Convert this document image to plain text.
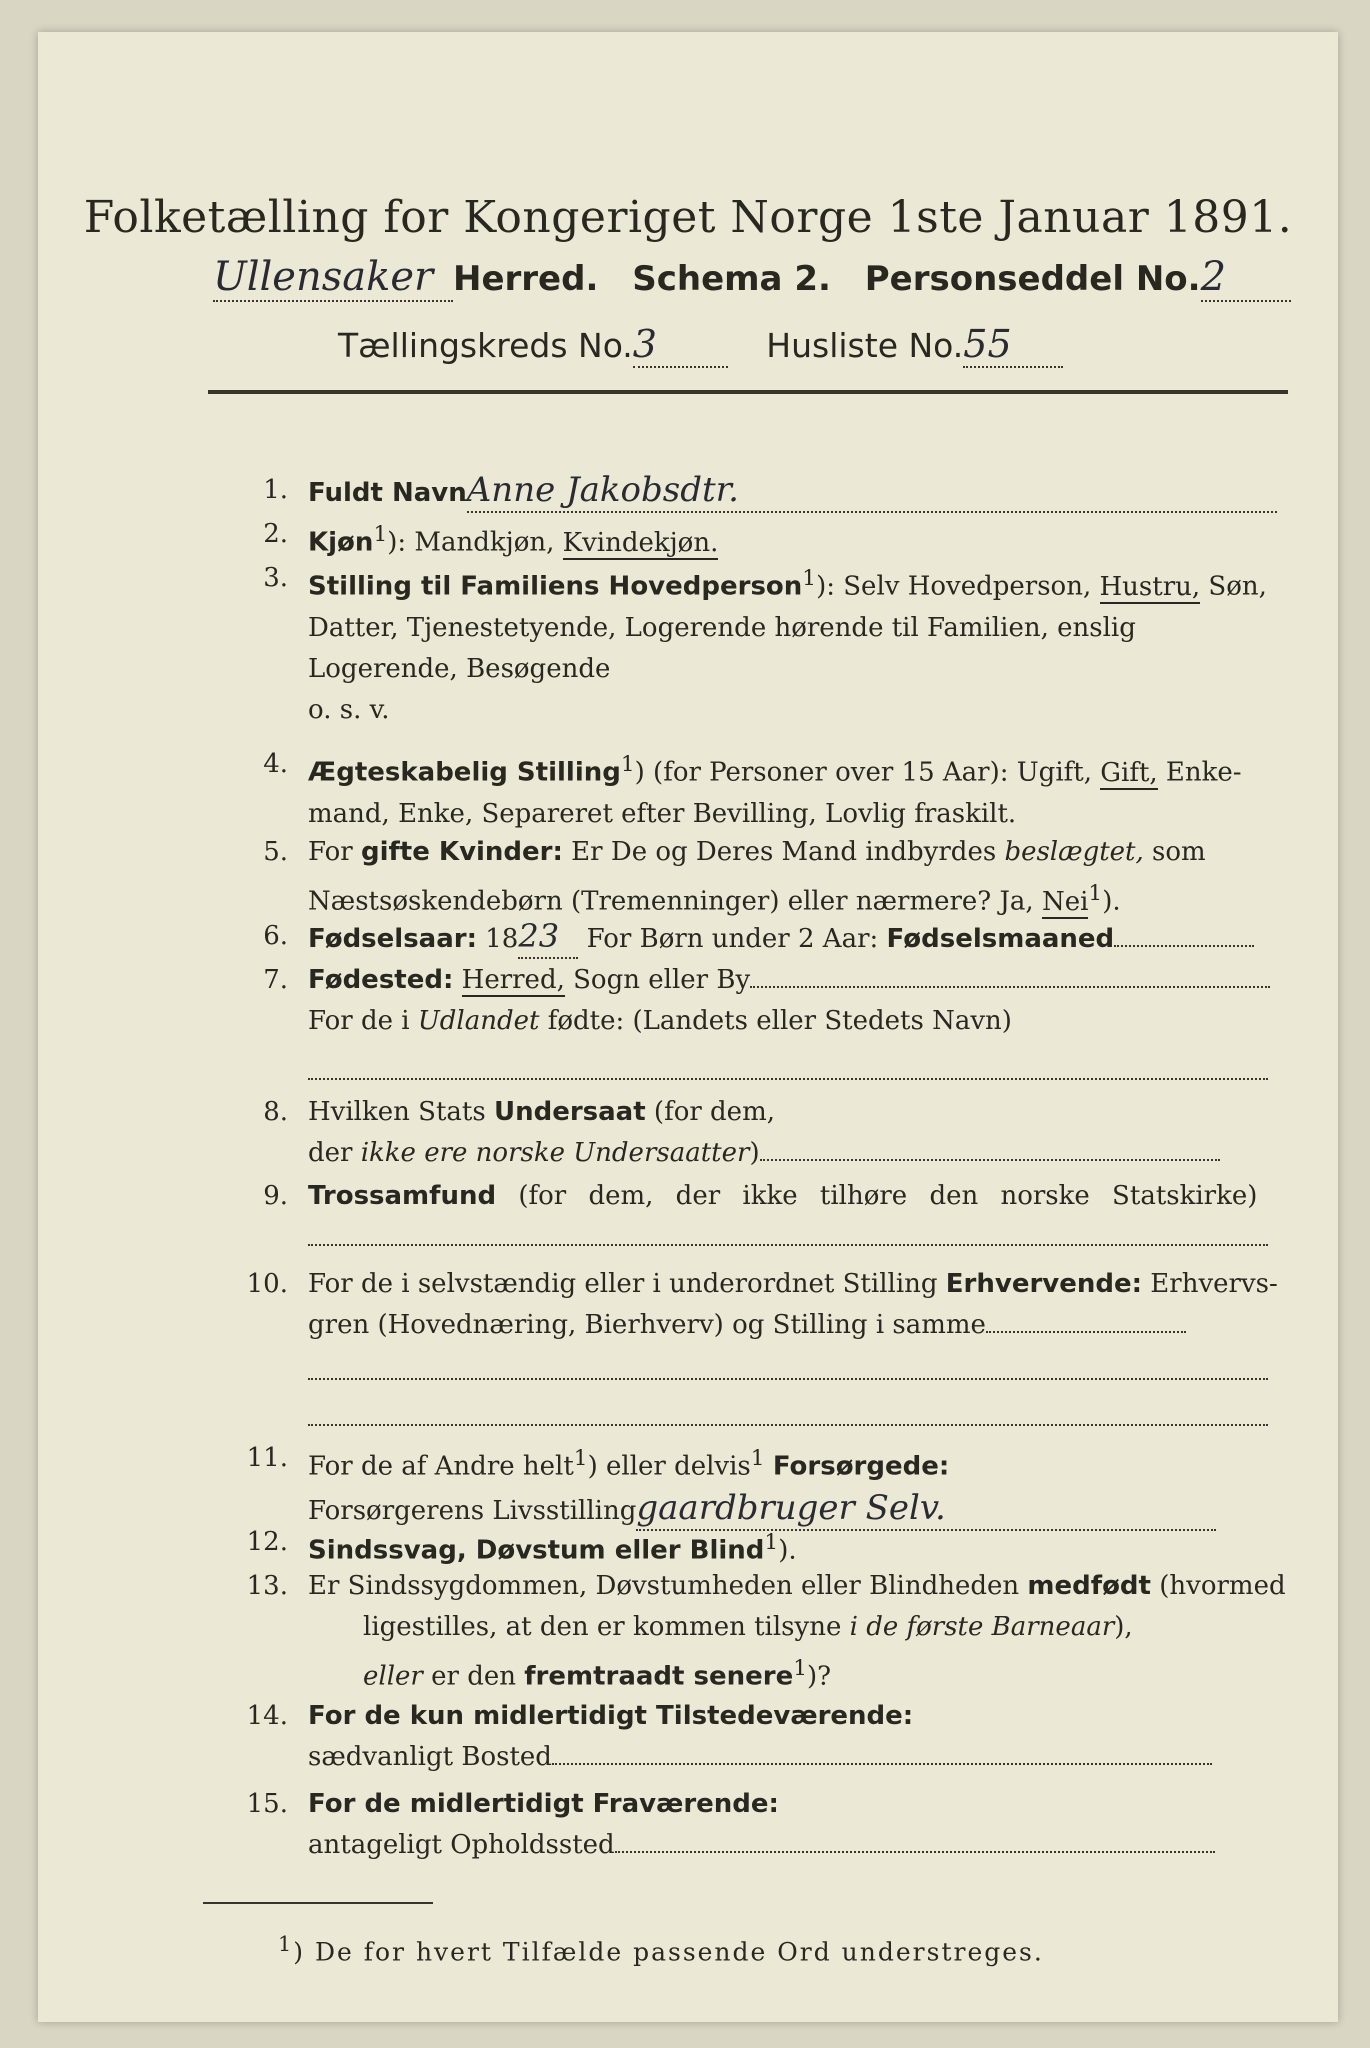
Folketælling for Kongeriget Norge 1ste Januar 1891.
Ullensaker Herred. Schema 2. Personseddel No.2
Tællingskreds No.3	Husliste No.55
1. Fuldt NavnAnne Jakobsdtr.
2. Kjøn$^1$): Mandkjøn, Kvindekjøn.
3. Stilling til Familiens Hovedperson$^1$): Selv Hovedperson, Hustru, Søn,
Datter, Tjenestetyende, Logerende hørende til Familien, enslig
Logerende, Besøgende
o. s. v.
4. Ægteskabelig Stilling$^1$) (for Personer over 15 Aar): Ugift, Gift, Enke-
mand, Enke, Separeret efter Bevilling, Lovlig fraskilt.
5. For gifte Kvinder: Er De og Deres Mand indbyrdes beslægtet, som
Næstsøskendebørn (Tremenninger) eller nærmere? Ja, Nei$^1$).
6. Fødselsaar: 1823 For Børn under 2 Aar: Fødselsmaaned
7. Fødested: Herred, Sogn eller By
For de i Udlandet fødte: (Landets eller Stedets Navn)
8. Hvilken Stats Undersaat (for dem,
der ikke ere norske Undersaatter)
9. Trossamfund (for dem, der ikke tilhøre den norske Statskirke)
10. For de i selvstændig eller i underordnet Stilling Erhvervende: Erhvervs-
gren (Hovednæring, Bierhverv) og Stilling i samme
11. For de af Andre helt$^1$) eller delvis$^1$ Forsørgede:
Forsørgerens Livsstillinggaardbruger Selv.
12. Sindssvag, Døvstum eller Blind$^1$).
13. Er Sindssygdommen, Døvstumheden eller Blindheden medfødt (hvormed
ligestilles, at den er kommen tilsyne i de første Barneaar),
eller er den fremtraadt senere$^1$)?
14. For de kun midlertidigt Tilstedeværende:
sædvanligt Bosted
15. For de midlertidigt Fraværende:
antageligt Opholdssted
$^1$) De for hvert Tilfælde passende Ord understreges.
